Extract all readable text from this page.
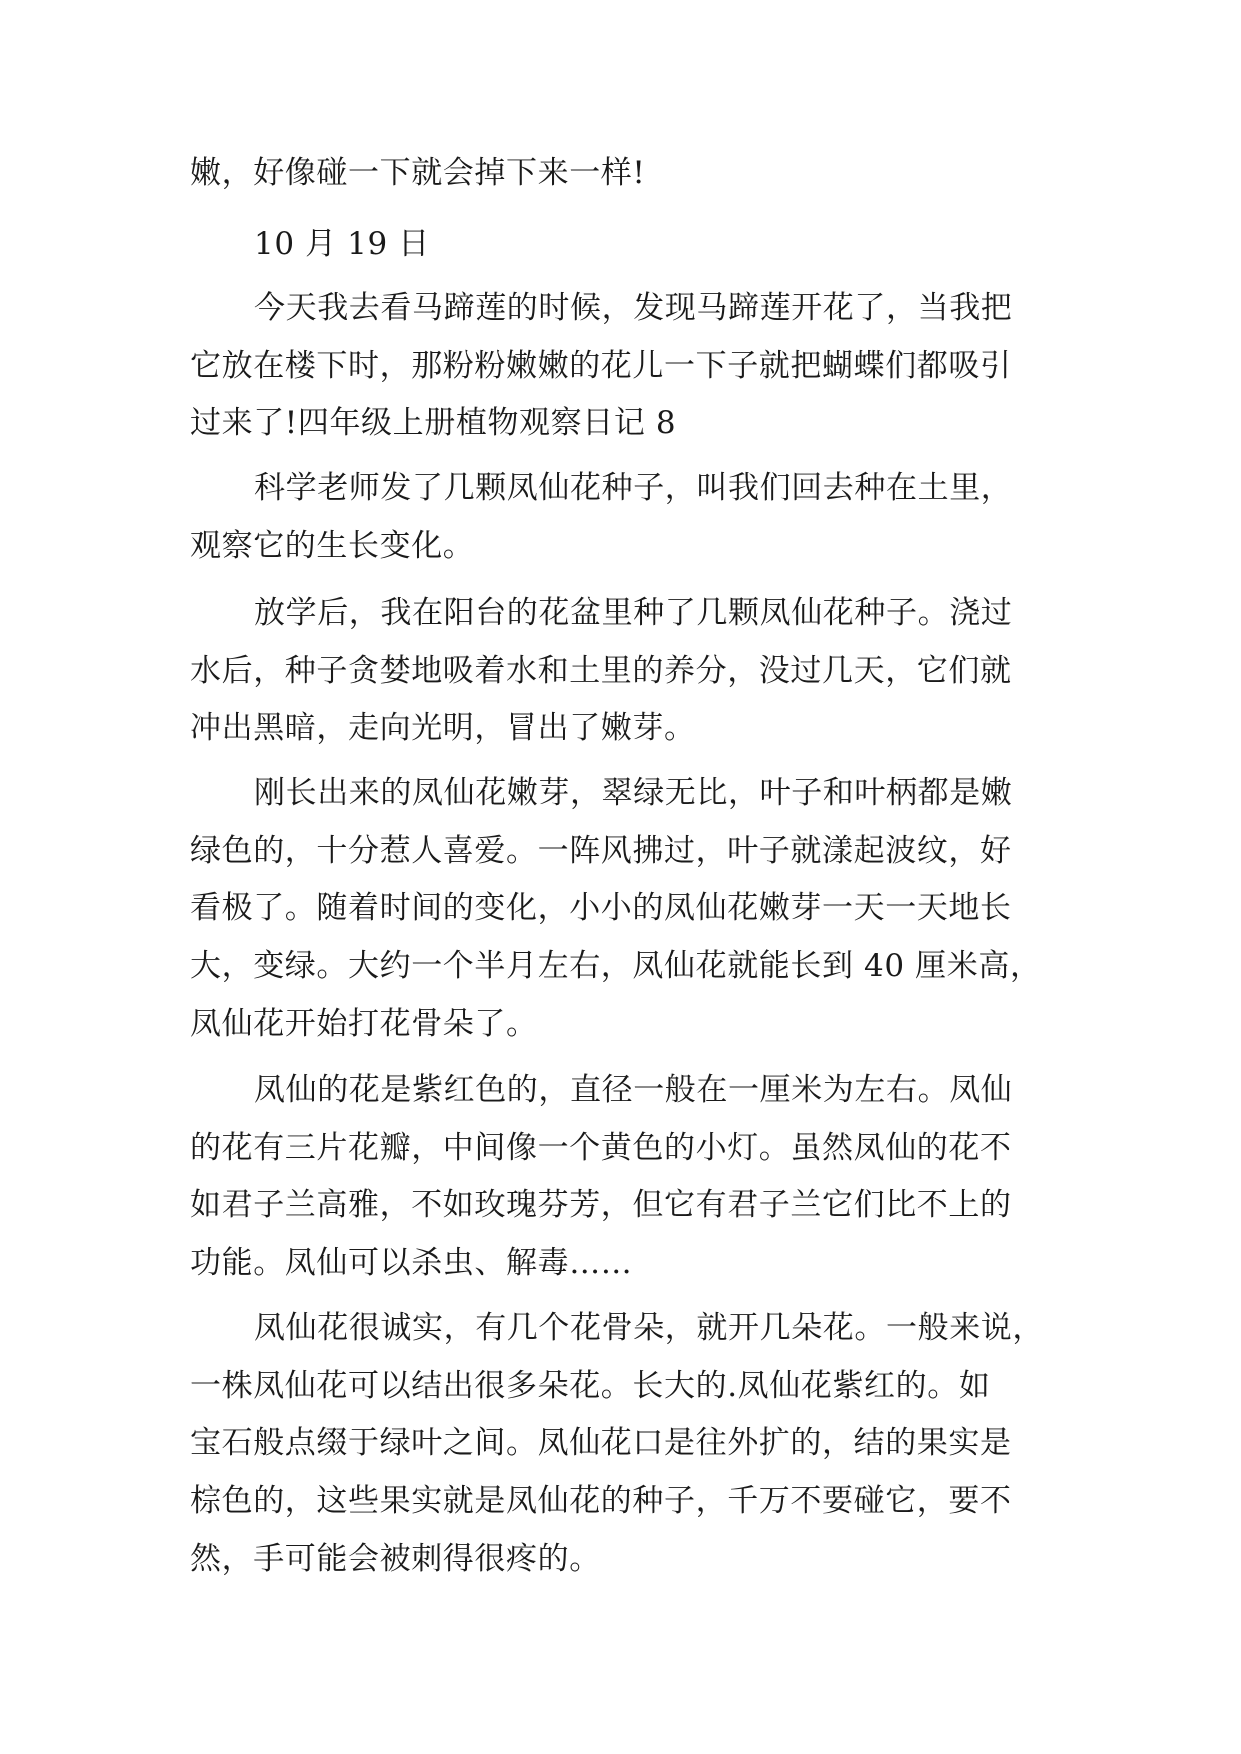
嫩，好像碰一下就会掉下来一样!
10 月 19 日
今天我去看马蹄莲的时候，发现马蹄莲开花了，当我把
它放在楼下时，那粉粉嫩嫩的花儿一下子就把蝴蝶们都吸引
过来了!四年级上册植物观察日记 8
科学老师发了几颗凤仙花种子，叫我们回去种在土里，
观察它的生长变化。
放学后，我在阳台的花盆里种了几颗凤仙花种子。浇过
水后，种子贪婪地吸着水和土里的养分，没过几天，它们就
冲出黑暗，走向光明，冒出了嫩芽。
刚长出来的凤仙花嫩芽，翠绿无比，叶子和叶柄都是嫩
绿色的，十分惹人喜爱。一阵风拂过，叶子就漾起波纹，好
看极了。随着时间的变化，小小的凤仙花嫩芽一天一天地长
大，变绿。大约一个半月左右，凤仙花就能长到 40 厘米高，
凤仙花开始打花骨朵了。
凤仙的花是紫红色的，直径一般在一厘米为左右。凤仙
的花有三片花瓣，中间像一个黄色的小灯。虽然凤仙的花不
如君子兰高雅，不如玫瑰芬芳，但它有君子兰它们比不上的
功能。凤仙可以杀虫、解毒……
凤仙花很诚实，有几个花骨朵，就开几朵花。一般来说，
一株凤仙花可以结出很多朵花。长大的.凤仙花紫红的。如
宝石般点缀于绿叶之间。凤仙花口是往外扩的，结的果实是
棕色的，这些果实就是凤仙花的种子，千万不要碰它，要不
然，手可能会被刺得很疼的。
